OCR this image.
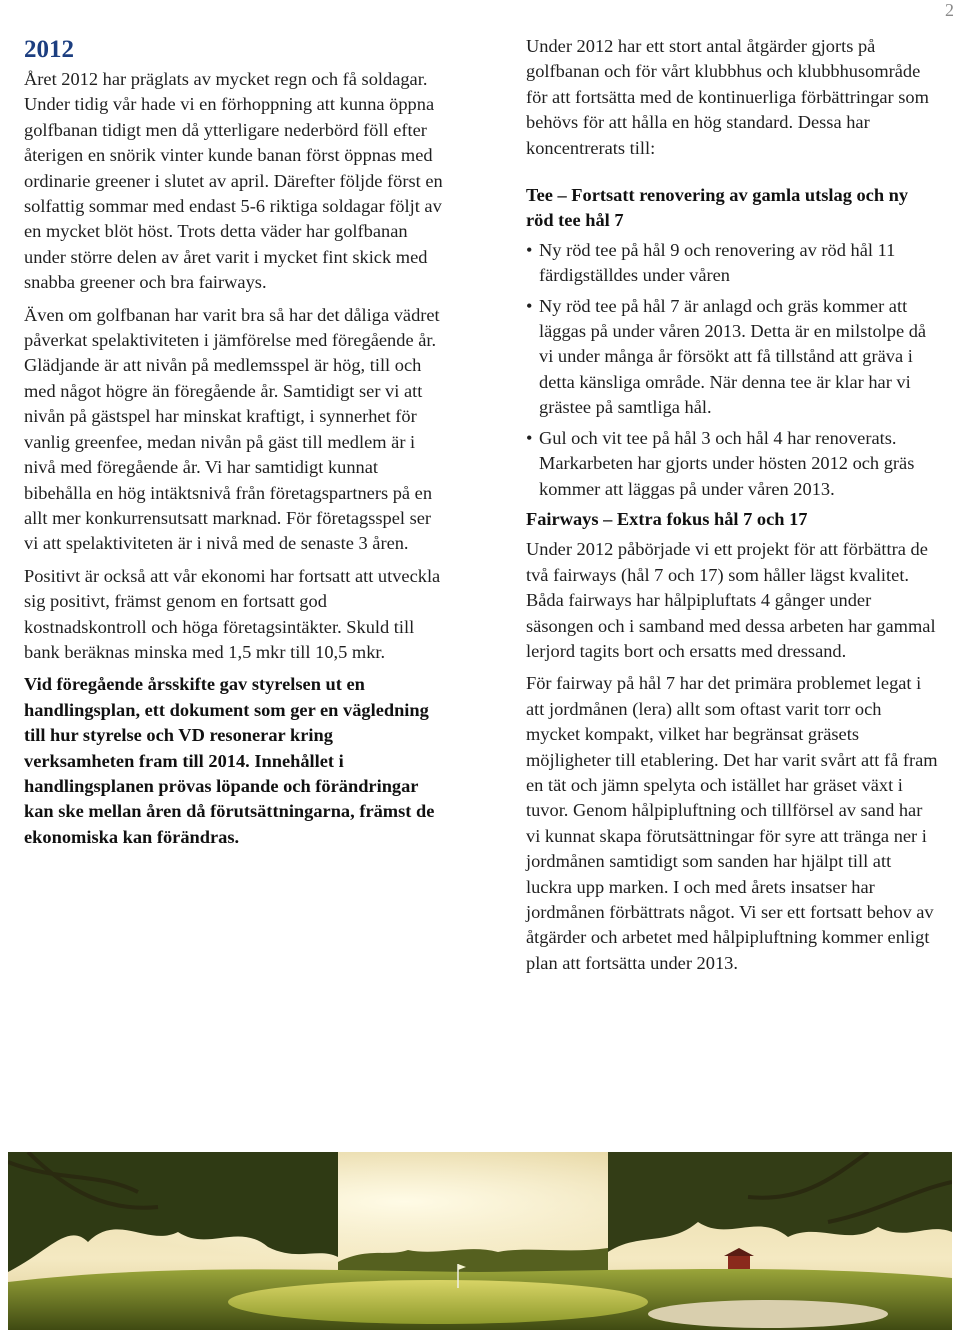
2
2012

Året 2012 har präglats av mycket regn och få soldagar. Under tidig vår hade vi en förhoppning att kunna öppna golfbanan tidigt men då ytterligare nederbörd föll efter återigen en snörik vinter kunde banan först öppnas med ordinarie greener i slutet av april. Därefter följde först en solfattig sommar med endast 5-6 riktiga soldagar följt av en mycket blöt höst. Trots detta väder har golfbanan under större delen av året varit i mycket fint skick med snabba greener och bra fairways.

Även om golfbanan har varit bra så har det dåliga vädret påverkat spelaktiviteten i jämförelse med föregående år. Glädjande är att nivån på medlemsspel är hög, till och med något högre än föregående år. Samtidigt ser vi att nivån på gästspel har minskat kraftigt, i synnerhet för vanlig greenfee, medan nivån på gäst till medlem är i nivå med föregående år. Vi har samtidigt kunnat bibehålla en hög intäktsnivå från företagspartners på en allt mer konkurrensutsatt marknad. För företagsspel ser vi att spelaktiviteten är i nivå med de senaste 3 åren.

Positivt är också att vår ekonomi har fortsatt att utveckla sig positivt, främst genom en fortsatt god kostnadskontroll och höga företagsintäkter. Skuld till bank beräknas minska med 1,5 mkr till 10,5 mkr.

Vid föregående årsskifte gav styrelsen ut en handlingsplan, ett dokument som ger en vägledning till hur styrelse och VD resonerar kring verksamheten fram till 2014. Innehållet i handlingsplanen prövas löpande och förändringar kan ske mellan åren då förutsättningarna, främst de ekonomiska kan förändras.

Under 2012 har ett stort antal åtgärder gjorts på golfbanan och för vårt klubbhus och klubbhusområde för att fortsätta med de kontinuerliga förbättringar som behövs för att hålla en hög standard. Dessa har koncentrerats till:

Tee – Fortsatt renovering av gamla utslag och ny röd tee hål 7
• Ny röd tee på hål 9 och renovering av röd hål 11 färdigställdes under våren
• Ny röd tee på hål 7 är anlagd och gräs kommer att läggas på under våren 2013. Detta är en milstolpe då vi under många år försökt att få tillstånd att gräva i detta känsliga område. När denna tee är klar har vi grästee på samtliga hål.
• Gul och vit tee på hål 3 och hål 4 har renoverats. Markarbeten har gjorts under hösten 2012 och gräs kommer att läggas på under våren 2013.
Fairways – Extra fokus hål 7 och 17

Under 2012 påbörjade vi ett projekt för att förbättra de två fairways (hål 7 och 17) som håller lägst kvalitet. Båda fairways har hålpipluftats 4 gånger under säsongen och i samband med dessa arbeten har gammal lerjord tagits bort och ersatts med dressand.

För fairway på hål 7 har det primära problemet legat i att jordmånen (lera) allt som oftast varit torr och mycket kompakt, vilket har begränsat gräsets möjligheter till etablering. Det har varit svårt att få fram en tät och jämn spelyta och istället har gräset växt i tuvor. Genom hålpipluftning och tillförsel av sand har vi kunnat skapa förutsättningar för syre att tränga ner i jordmånen samtidigt som sanden har hjälpt till att luckra upp marken. I och med årets insatser har jordmånen förbättrats något. Vi ser ett fortsatt behov av åtgärder och arbetet med hålpipluftning kommer enligt plan att fortsätta under 2013.
